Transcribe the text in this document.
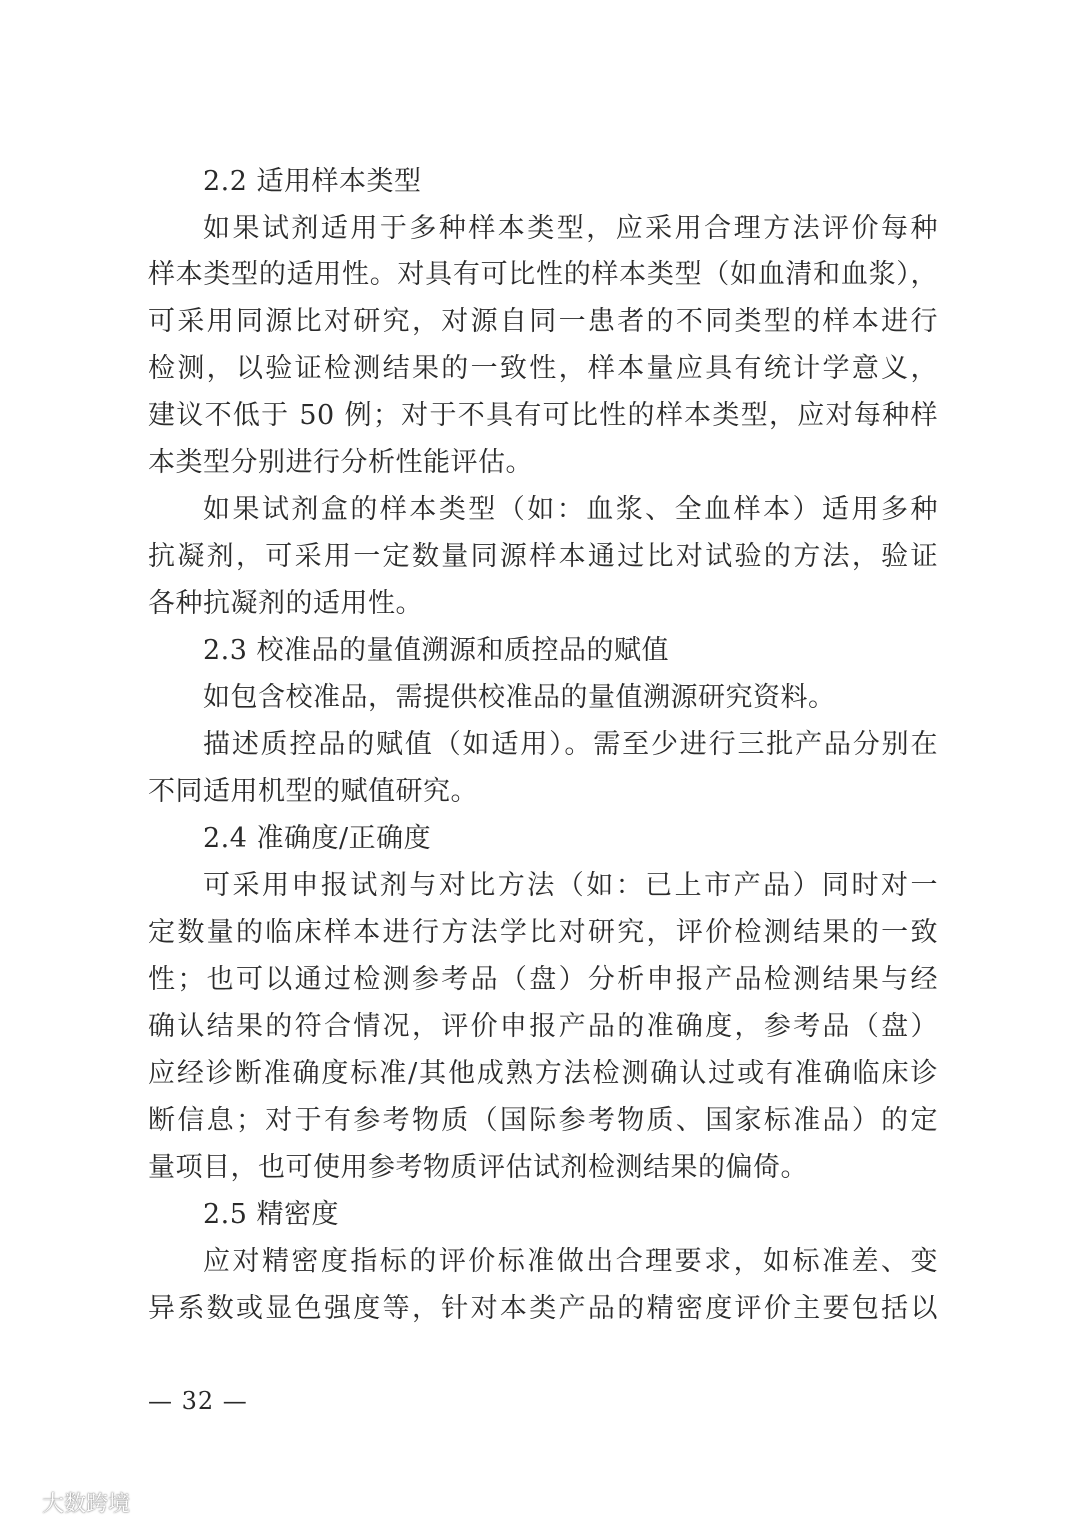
2.2 适用样本类型
如果试剂适用于多种样本类型，应采用合理方法评价每种
样本类型的适用性。对具有可比性的样本类型（如血清和血浆），
可采用同源比对研究，对源自同一患者的不同类型的样本进行
检测，以验证检测结果的一致性，样本量应具有统计学意义，
建议不低于 50 例；对于不具有可比性的样本类型，应对每种样
本类型分别进行分析性能评估。
如果试剂盒的样本类型（如：血浆、全血样本）适用多种
抗凝剂，可采用一定数量同源样本通过比对试验的方法，验证
各种抗凝剂的适用性。
2.3 校准品的量值溯源和质控品的赋值
如包含校准品，需提供校准品的量值溯源研究资料。
描述质控品的赋值（如适用）。需至少进行三批产品分别在
不同适用机型的赋值研究。
2.4 准确度/正确度
可采用申报试剂与对比方法（如：已上市产品）同时对一
定数量的临床样本进行方法学比对研究，评价检测结果的一致
性；也可以通过检测参考品（盘）分析申报产品检测结果与经
确认结果的符合情况，评价申报产品的准确度，参考品（盘）
应经诊断准确度标准/其他成熟方法检测确认过或有准确临床诊
断信息；对于有参考物质（国际参考物质、国家标准品）的定
量项目，也可使用参考物质评估试剂检测结果的偏倚。
2.5 精密度
应对精密度指标的评价标准做出合理要求，如标准差、变
异系数或显色强度等，针对本类产品的精密度评价主要包括以
— 32 —
大数跨境
